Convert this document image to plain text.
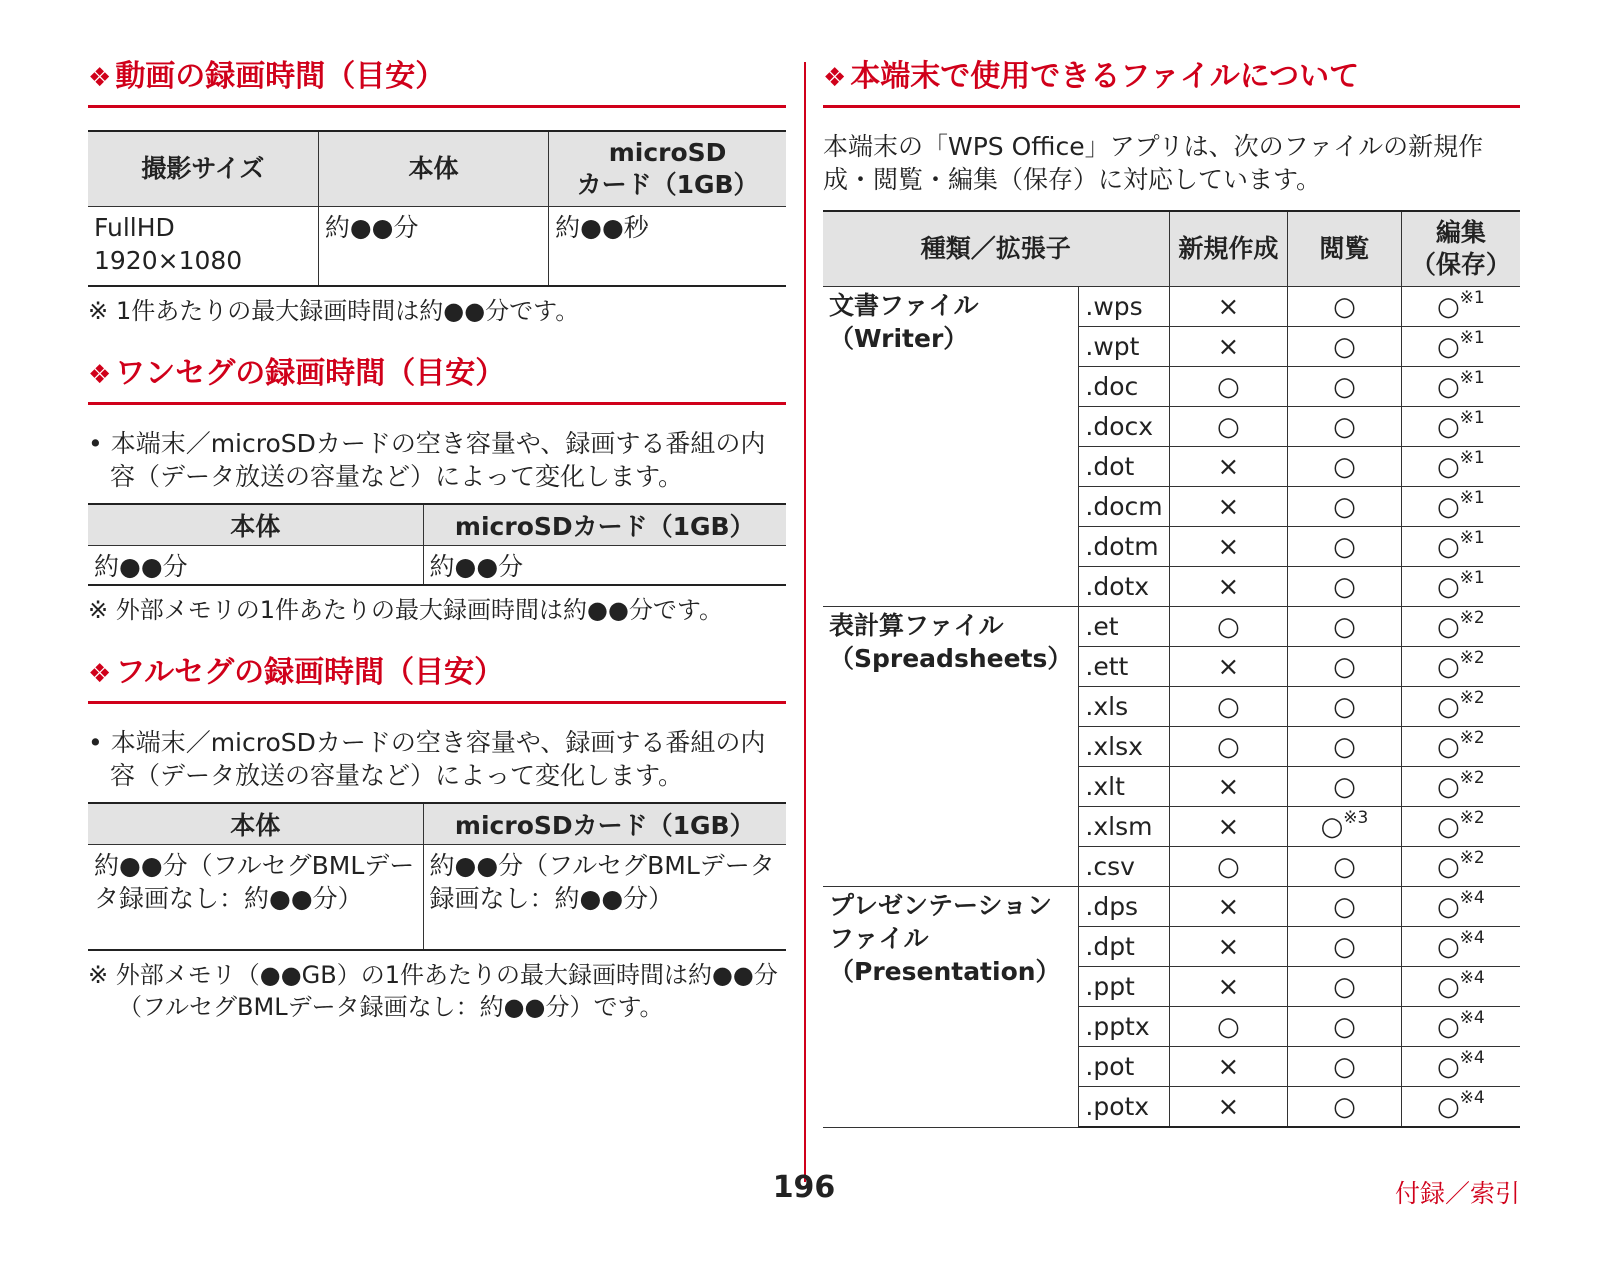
❖ 動画の録画時間（目安）
撮影サイズ	本体	microSD
カード（1GB）
FullHD
1920×1080	約●●分	約●●秒
※ 1件あたりの最大録画時間は約●●分です。
❖ ワンセグの録画時間（目安）
• 本端末／microSDカードの空き容量や、録画する番組の内容（データ放送の容量など）によって変化します。
本体	microSDカード（1GB）
約●●分	約●●分
※ 外部メモリの1件あたりの最大録画時間は約●●分です。
❖ フルセグの録画時間（目安）
• 本端末／microSDカードの空き容量や、録画する番組の内容（データ放送の容量など）によって変化します。
本体	microSDカード（1GB）
約●●分（フルセグBMLデータ録画なし：約●●分）	約●●分（フルセグBMLデータ録画なし：約●●分）
※ 外部メモリ（●●GB）の1件あたりの最大録画時間は約●●分（フルセグBMLデータ録画なし：約●●分）です。
❖ 本端末で使用できるファイルについて
本端末の「WPS Office」アプリは、次のファイルの新規作成・閲覧・編集（保存）に対応しています。
種類／拡張子		新規作成	閲覧	編集
（保存）
文書ファイル
（Writer）	.wps	×	○	○$^{※1}$
	.wpt	×	○	○$^{※1}$
	.doc	○	○	○$^{※1}$
	.docx	○	○	○$^{※1}$
	.dot	×	○	○$^{※1}$
	.docm	×	○	○$^{※1}$
	.dotm	×	○	○$^{※1}$
	.dotx	×	○	○$^{※1}$
表計算ファイル
（Spreadsheets）	.et	○	○	○$^{※2}$
	.ett	×	○	○$^{※2}$
	.xls	○	○	○$^{※2}$
	.xlsx	○	○	○$^{※2}$
	.xlt	×	○	○$^{※2}$
	.xlsm	×	○$^{※3}$	○$^{※2}$
	.csv	○	○	○$^{※2}$
プレゼンテーションファイル
（Presentation）	.dps	×	○	○$^{※4}$
	.dpt	×	○	○$^{※4}$
	.ppt	×	○	○$^{※4}$
	.pptx	○	○	○$^{※4}$
	.pot	×	○	○$^{※4}$
	.potx	×	○	○$^{※4}$
196	付録／索引
